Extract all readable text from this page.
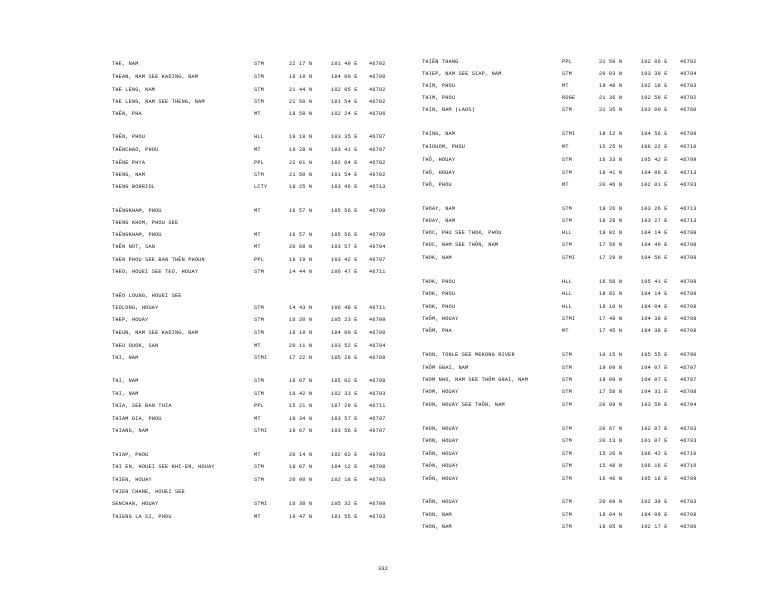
THE, NAM	STM	22 17 N	101 49 E 46702
THEAN, NAM SEE KADING, NAM	STM	18 19 N	104 00 E 46700
THE LENG, NAM	STM	21 44 N	102 05 E 46702
THE LENG, NAM SEE THENG, NAM	STM	21 50 N	101 54 E 46702
THÊN, PHA	MT	18 58 N	102 24 E 46706
THÊN, PHOU	HLL	19 18 N	103 35 E 46707
THÊNCHAO, PHOU	MT	19 28 N	103 41 E 46707
THÊNE PHYA	PPL	22 01 N	102 04 E 46702
THENG, NAM	STM	21 50 N	101 54 E 46702
THENG BORRIOL	LCTY	18 25 N	103 46 E 46713
THÊNGKHAM, PHOU	MT	16 57 N	105 56 E 46709
THENG KHOM, PHOU SEE
THÊNGKHAM, PHOU	MT	16 57 N	105 56 E 46709
THÊN NOT, SAN	MT	20 09 N	103 57 E 46704
THEN PHOU SEE BAN THÊN PHOUN	PPL	19 19 N	103 42 E 46707
THEO, HOUEI SEE TEO, HOUAY	STM	14 44 N	106 47 E 46711
THÊO LOUNG, HOUEI SEE
TEOLONG, HOUAY	STM	14 43 N	106 48 E 46711
THEP, HOUAY	STM	16 20 N	105 23 E 46709
THEUN, NAM SEE KADING, NAM	STM	18 19 N	104 00 E 46700
THEU OUOK, SAN	MT	20 11 N	103 52 E 46704
THI, NAM	STMI	17 22 N	105 28 E 46708
THI, NAM	STM	18 07 N	105 02 E 46708
THI, NAM	STM	19 42 N	102 33 E 46703
THIA, SEE BAN THIA	PPL	15 21 N	107 29 E 46711
THIAM GIA, PHOU	MT	19 34 N	103 57 E 46707
THIANG, NAM	STMI	19 07 N	103 56 E 46707
THIAP, PHOU	MT	20 14 N	102 02 E 46703
THI EN, HOUEI SEE KHI-EN, HOUAY	STM	18 07 N	104 12 E 46708
THIEN, HOUAY	STM	20 00 N	102 18 E 46703
THIEN CHANE, HOUEI SEE
SENCHAN, HOUAY	STMI	16 38 N	105 32 E 46709
THIENG LA SI, PHOU	MT	19 47 N	101 55 E 46703
THIÊN THANG	PPL	21 59 N	102 06 E 46702
THIEP, NAM SEE SIAP, NAM	STM	20 03 N	103 39 E 46704
THIM, PHOU	MT	19 48 N	102 18 E 46703
THIM, PHOU	RDGE	21 36 N	102 58 E 46702
THIN, NAM (LAOS)	STM	21 35 N	103 00 E 46700
THING, NAM	STMI	18 12 N	104 56 E 46708
THIOUOM, PHOU	MT	15 25 N	106 22 E 46710
THÔ, HOUAY	STM	16 33 N	105 42 E 46709
THÔ, HOUAY	STM	18 41 N	104 06 E 46713
THÔ, PHOU	MT	20 46 N	102 01 E 46703
THOAY, NAM	STM	18 26 N	103 26 E 46713
THOAY, NAM	STM	18 28 N	103 27 E 46713
THOC, PHU SEE THOK, PHOU	HLL	18 02 N	104 14 E 46708
THOC, NAM SEE THÔN, NAM	STM	17 56 N	104 49 E 46708
THOK, NAM	STMI	17 29 N	104 56 E 46708
THOK, PHOU	HLL	16 50 N	105 41 E 46709
THOK, PHOU	HLL	18 02 N	104 14 E 46708
THOK, PHOU	HLL	18 10 N	104 04 E 46708
THÔM, HOUAY	STMI	17 48 N	104 38 E 46708
THÔM, PHA	MT	17 45 N	104 38 E 46708
THON, TONLE SEE MEKONG RIVER	STM	10 15 N	105 55 E 46700
THÔM GNAI, NAM	STM	19 09 N	104 07 E 46707
THOM NHO, NAM SEE THÔM GNAI, NAM	STM	19 09 N	104 07 E 46707
THOM, HOUAY	STM	17 58 N	104 31 E 46708
THON, HOUAY SEE THÔN, NAM	STM	20 08 N	103 59 E 46704
THON, HOUAY	STM	20 07 N	102 07 E 46703
THON, HOUAY	STM	20 13 N	101 07 E 46703
THÔN, HOUAY	STM	15 20 N	106 42 E 46710
THÔN, HOUAY	STM	15 48 N	106 16 E 46710
THÔN, HOUAY	STM	16 46 N	105 16 E 46709
THÔN, HOUAY	STM	20 09 N	102 39 E 46703
THON, NAM	STM	18 04 N	104 09 E 46708
THON, NAM	STM	18 05 N	102 17 E 46706
332
